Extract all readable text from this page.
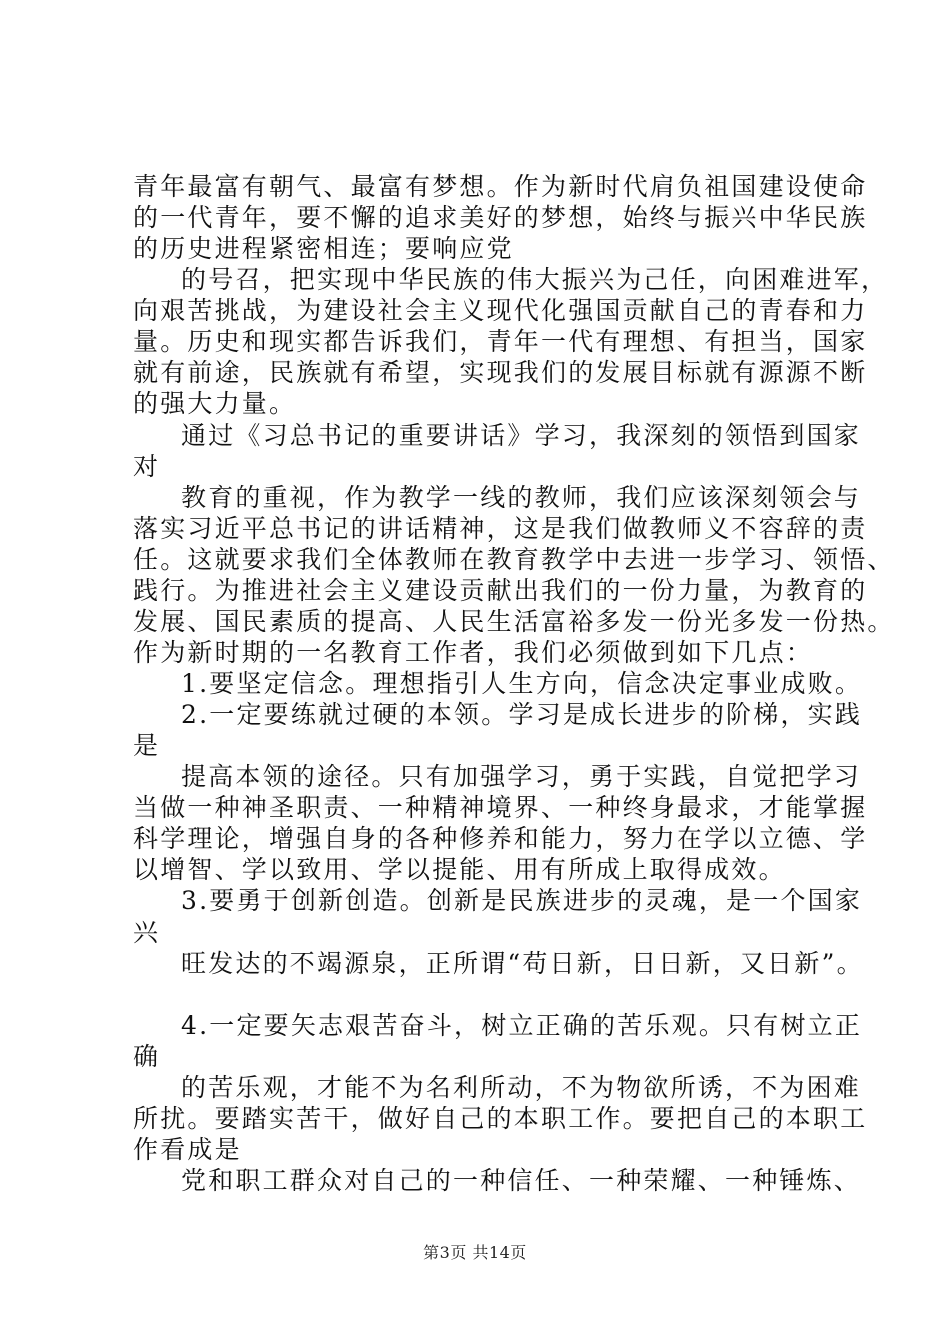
青年最富有朝气、最富有梦想。作为新时代肩负祖国建设使命
的一代青年，要不懈的追求美好的梦想，始终与振兴中华民族
的历史进程紧密相连；要响应党
的号召，把实现中华民族的伟大振兴为己任，向困难进军，
向艰苦挑战，为建设社会主义现代化强国贡献自己的青春和力
量。历史和现实都告诉我们，青年一代有理想、有担当，国家
就有前途，民族就有希望，实现我们的发展目标就有源源不断
的强大力量。
通过《习总书记的重要讲话》学习，我深刻的领悟到国家
对
教育的重视，作为教学一线的教师，我们应该深刻领会与
落实习近平总书记的讲话精神，这是我们做教师义不容辞的责
任。这就要求我们全体教师在教育教学中去进一步学习、领悟、
践行。为推进社会主义建设贡献出我们的一份力量，为教育的
发展、国民素质的提高、人民生活富裕多发一份光多发一份热。
作为新时期的一名教育工作者，我们必须做到如下几点：
1.要坚定信念。理想指引人生方向，信念决定事业成败。
2.一定要练就过硬的本领。学习是成长进步的阶梯，实践
是
提高本领的途径。只有加强学习，勇于实践，自觉把学习
当做一种神圣职责、一种精神境界、一种终身最求，才能掌握
科学理论，增强自身的各种修养和能力，努力在学以立德、学
以增智、学以致用、学以提能、用有所成上取得成效。
3.要勇于创新创造。创新是民族进步的灵魂，是一个国家
兴
旺发达的不竭源泉，正所谓“苟日新，日日新，又日新”。
4.一定要矢志艰苦奋斗，树立正确的苦乐观。只有树立正
确
的苦乐观，才能不为名利所动，不为物欲所诱，不为困难
所扰。要踏实苦干，做好自己的本职工作。要把自己的本职工
作看成是
党和职工群众对自己的一种信任、一种荣耀、一种锤炼、
第3页 共14页
